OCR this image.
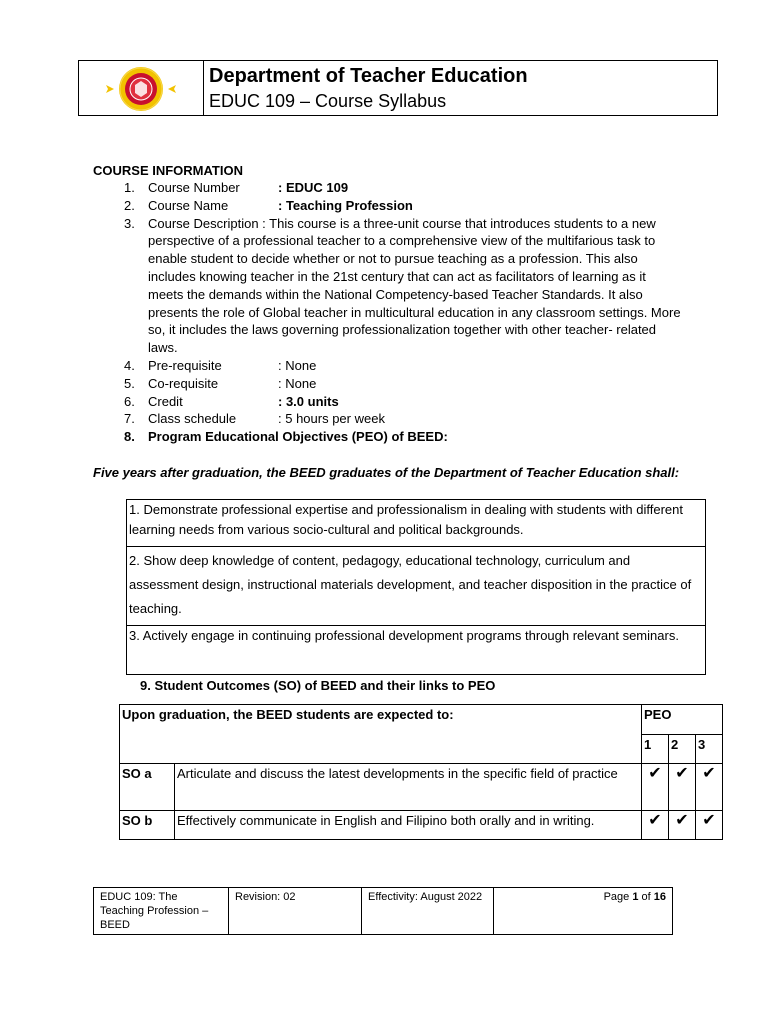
Department of Teacher Education
EDUC 109 – Course Syllabus
COURSE INFORMATION
1. Course Number	: EDUC 109
2. Course Name	: Teaching Profession
3. Course Description : This course is a three-unit course that introduces students to a new perspective of a professional teacher to a comprehensive view of the multifarious task to enable student to decide whether or not to pursue teaching as a profession. This also includes knowing teacher in the 21st century that can act as facilitators of learning as it meets the demands within the National Competency-based Teacher Standards. It also presents the role of Global teacher in multicultural education in any classroom settings. More so, it includes the laws governing professionalization together with other teacher- related laws.
4. Pre-requisite	: None
5. Co-requisite	: None
6. Credit	: 3.0 units
7. Class schedule	: 5 hours per week
8. Program Educational Objectives (PEO) of BEED:
Five years after graduation, the BEED graduates of the Department of Teacher Education shall:
1. Demonstrate professional expertise and professionalism in dealing with students with different learning needs from various socio-cultural and political backgrounds.
2. Show deep knowledge of content, pedagogy, educational technology, curriculum and assessment design, instructional materials development, and teacher disposition in the practice of teaching.
3. Actively engage in continuing professional development programs through relevant seminars.
9. Student Outcomes (SO) of BEED and their links to PEO
Upon graduation, the BEED students are expected to:		PEO		
		1	2	3
SO a	Articulate and discuss the latest developments in the specific field of practice	✔	✔	✔
SO b	Effectively communicate in English and Filipino both orally and in writing.	✔	✔	✔
EDUC 109: The Teaching Profession – BEED	Revision: 02	Effectivity: August 2022	Page 1 of 16
